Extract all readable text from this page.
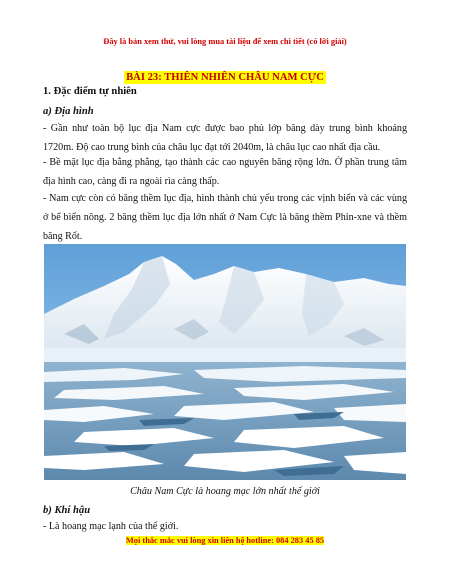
Đây là bản xem thử, vui lòng mua tài liệu để xem chi tiết (có lời giải)
BÀI 23: THIÊN NHIÊN CHÂU NAM CỰC
1. Đặc điểm tự nhiên
a) Địa hình

- Gần như toàn bộ lục địa Nam cực được bao phủ lớp băng dày trung bình khoảng 1720m. Độ cao trung bình của châu lục đạt tới 2040m, là châu lục cao nhất địa cầu.

- Bề mặt lục địa bằng phẳng, tạo thành các cao nguyên băng rộng lớn. Ở phần trung tâm địa hình cao, càng đi ra ngoài rìa càng thấp.

- Nam cực còn có băng thềm lục địa, hình thành chủ yếu trong các vịnh biển và các vùng ở bể biển nông. 2 băng thềm lục địa lớn nhất ở Nam Cực là băng thềm Phin-xne và thềm băng Rốt.

Châu Nam Cực là hoang mạc lớn nhất thế giới
b) Khí hậu

- Là hoang mạc lạnh của thế giới.

Mọi thắc mắc vui lòng xin liên hệ hotline: 084 283 45 85
